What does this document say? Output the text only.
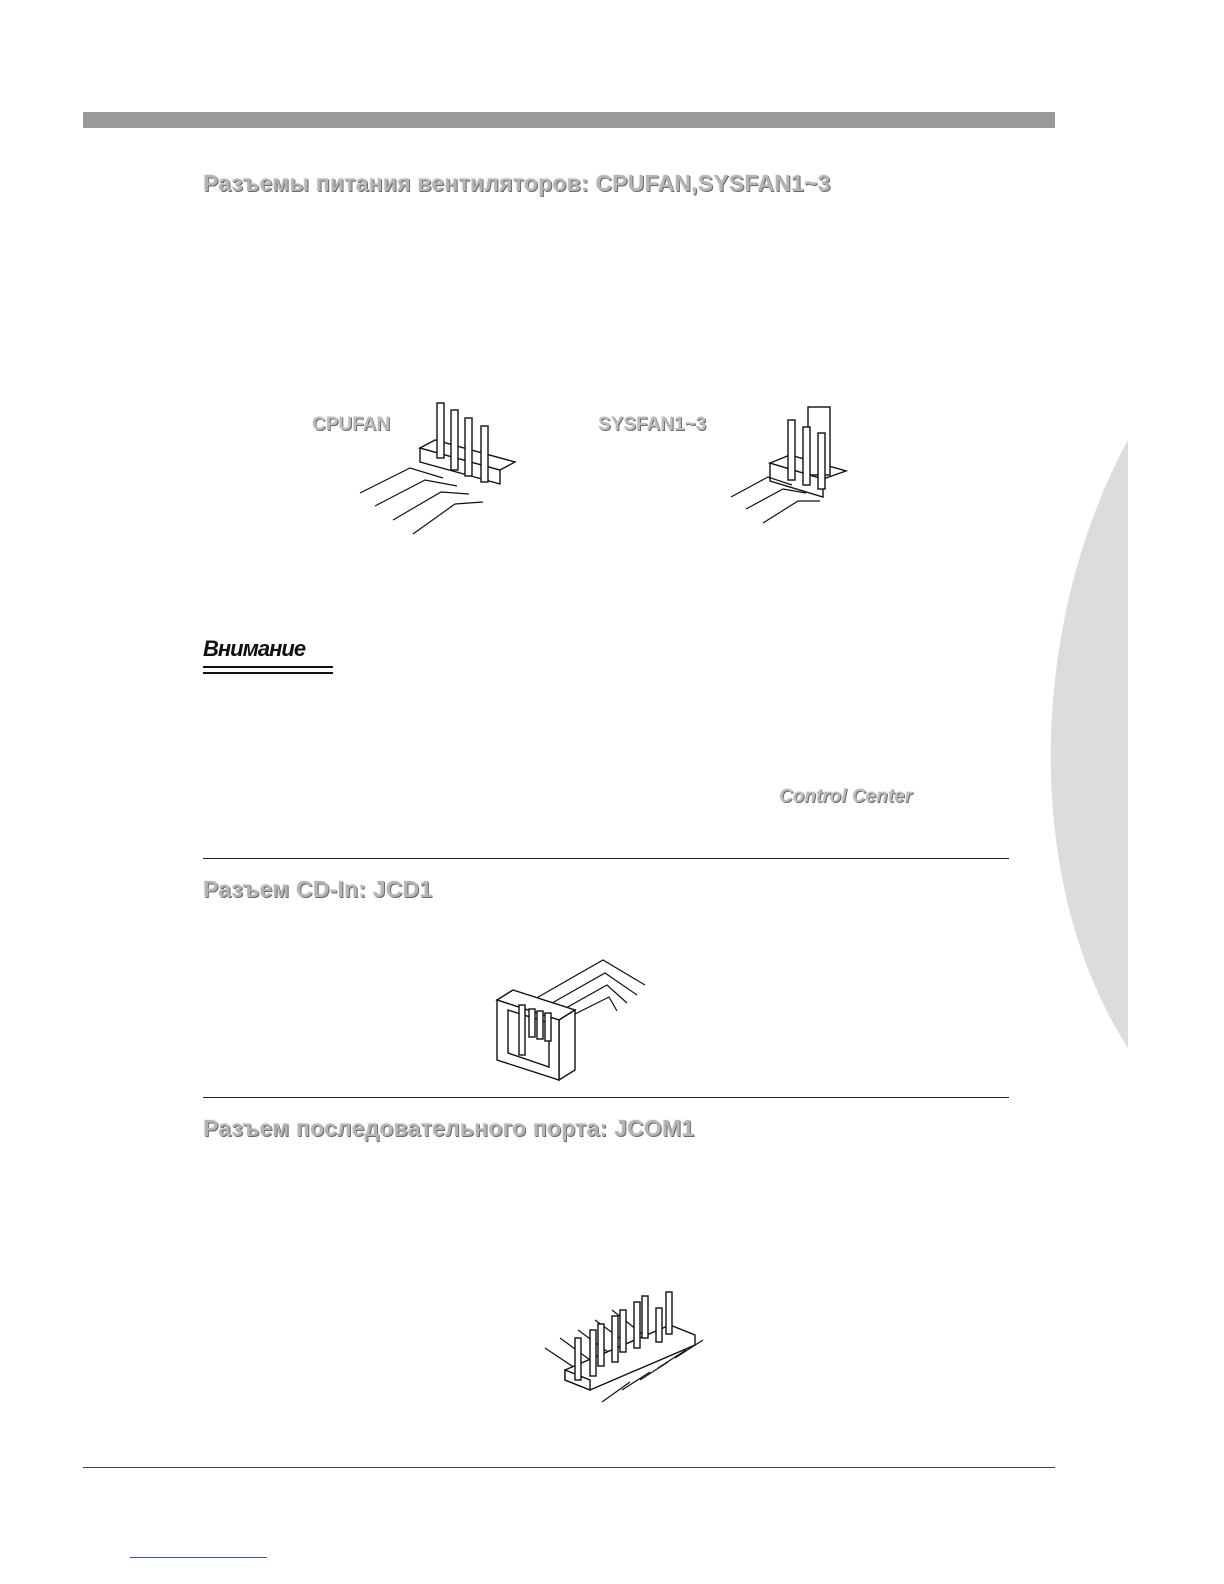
Разъемы питания вентиляторов: CPUFAN,SYSFAN1~3
CPUFAN	SYSFAN1~3
Внимание
Control Center
Разъем CD-In: JCD1
Разъем последовательного порта: JCOM1
